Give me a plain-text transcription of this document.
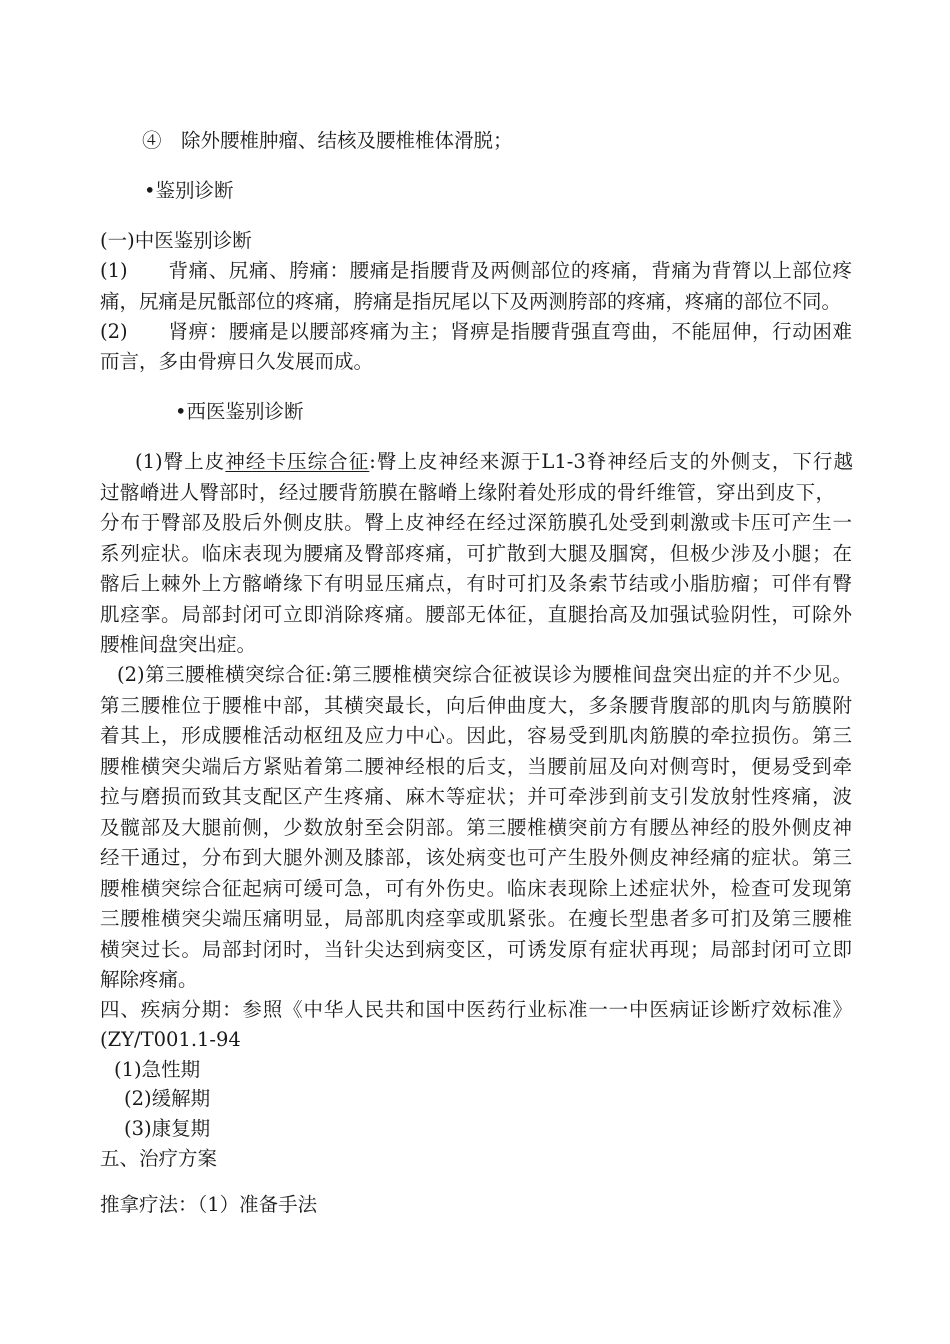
④　除外腰椎肿瘤、结核及腰椎椎体滑脱；
•鉴别诊断
(一)中医鉴别诊断
(1)　　背痛、尻痛、胯痛：腰痛是指腰背及两侧部位的疼痛，背痛为背膂以上部位疼
痛，尻痛是尻骶部位的疼痛，胯痛是指尻尾以下及两测胯部的疼痛，疼痛的部位不同。
(2)　　肾痹：腰痛是以腰部疼痛为主；肾痹是指腰背强直弯曲，不能屈伸，行动困难
而言，多由骨痹日久发展而成。
•西医鉴别诊断
(1)臀上皮神经卡压综合征:臀上皮神经来源于L1-3脊神经后支的外侧支，下行越
过髂嵴进人臀部时，经过腰背筋膜在髂嵴上缘附着处形成的骨纤维管，穿出到皮下，
分布于臀部及股后外侧皮肤。臀上皮神经在经过深筋膜孔处受到刺激或卡压可产生一
系列症状。临床表现为腰痛及臀部疼痛，可扩散到大腿及腘窝，但极少涉及小腿；在
髂后上棘外上方髂嵴缘下有明显压痛点，有时可扪及条索节结或小脂肪瘤；可伴有臀
肌痉挛。局部封闭可立即消除疼痛。腰部无体征，直腿抬高及加强试验阴性，可除外
腰椎间盘突出症。
(2)第三腰椎横突综合征:第三腰椎横突综合征被误诊为腰椎间盘突出症的并不少见。
第三腰椎位于腰椎中部，其横突最长，向后伸曲度大，多条腰背腹部的肌肉与筋膜附
着其上，形成腰椎活动枢纽及应力中心。因此，容易受到肌肉筋膜的牵拉损伤。第三
腰椎横突尖端后方紧贴着第二腰神经根的后支，当腰前屈及向对侧弯时，便易受到牵
拉与磨损而致其支配区产生疼痛、麻木等症状；并可牵涉到前支引发放射性疼痛，波
及髋部及大腿前侧，少数放射至会阴部。第三腰椎横突前方有腰丛神经的股外侧皮神
经干通过，分布到大腿外测及膝部，该处病变也可产生股外侧皮神经痛的症状。第三
腰椎横突综合征起病可缓可急，可有外伤史。临床表现除上述症状外，检查可发现第
三腰椎横突尖端压痛明显，局部肌肉痉挛或肌紧张。在瘦长型患者多可扪及第三腰椎
横突过长。局部封闭时，当针尖达到病变区，可诱发原有症状再现；局部封闭可立即
解除疼痛。
四、疾病分期：参照《中华人民共和国中医药行业标准一一中医病证诊断疗效标准》
(ZY/T001.1-94
(1)急性期
(2)缓解期
(3)康复期
五、治疗方案
推拿疗法：（1）准备手法
